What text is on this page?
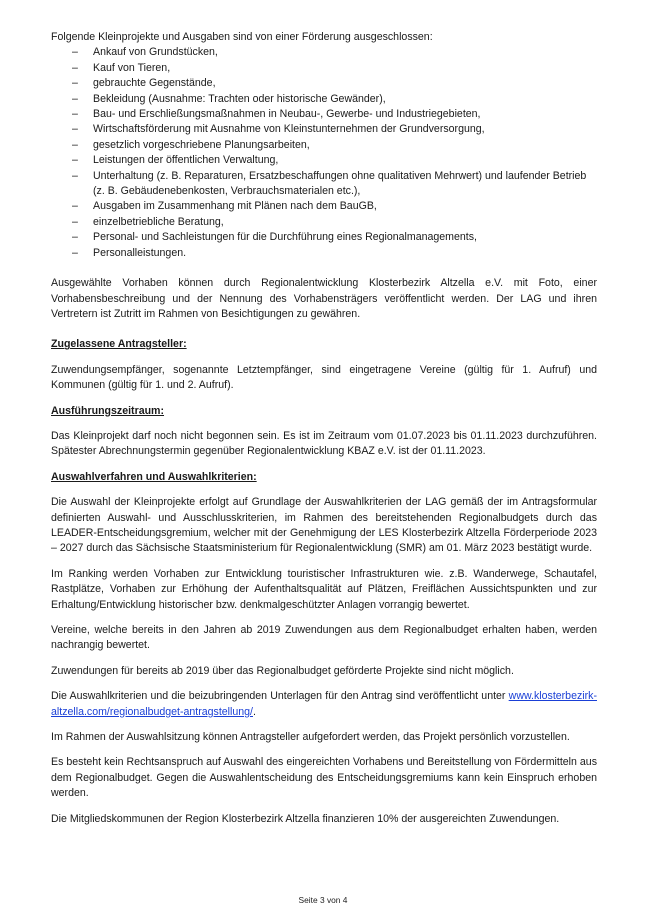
Folgende Kleinprojekte und Ausgaben sind von einer Förderung ausgeschlossen:

– Ankauf von Grundstücken,
– Kauf von Tieren,
– gebrauchte Gegenstände,
– Bekleidung (Ausnahme: Trachten oder historische Gewänder),
– Bau- und Erschließungsmaßnahmen in Neubau-, Gewerbe- und Industriegebieten,
– Wirtschaftsförderung mit Ausnahme von Kleinstunternehmen der Grundversorgung,
– gesetzlich vorgeschriebene Planungsarbeiten,
– Leistungen der öffentlichen Verwaltung,
– Unterhaltung (z. B. Reparaturen, Ersatzbeschaffungen ohne qualitativen Mehrwert) und laufender Betrieb (z. B. Gebäudenebenkosten, Verbrauchsmaterialen etc.),
– Ausgaben im Zusammenhang mit Plänen nach dem BauGB,
– einzelbetriebliche Beratung,
– Personal- und Sachleistungen für die Durchführung eines Regionalmanagements,
– Personalleistungen.

Ausgewählte Vorhaben können durch Regionalentwicklung Klosterbezirk Altzella e.V. mit Foto, einer Vorhabensbeschreibung und der Nennung des Vorhabensträgers veröffentlicht werden. Der LAG und ihren Vertretern ist Zutritt im Rahmen von Besichtigungen zu gewähren.

Zugelassene Antragsteller:

Zuwendungsempfänger, sogenannte Letztempfänger, sind eingetragene Vereine (gültig für 1. Aufruf) und Kommunen (gültig für 1. und 2. Aufruf).

Ausführungszeitraum:

Das Kleinprojekt darf noch nicht begonnen sein. Es ist im Zeitraum vom 01.07.2023 bis 01.11.2023 durchzuführen. Spätester Abrechnungstermin gegenüber Regionalentwicklung KBAZ e.V. ist der 01.11.2023.

Auswahlverfahren und Auswahlkriterien:

Die Auswahl der Kleinprojekte erfolgt auf Grundlage der Auswahlkriterien der LAG gemäß der im Antragsformular definierten Auswahl- und Ausschlusskriterien, im Rahmen des bereitstehenden Regionalbudgets durch das LEADER-Entscheidungsgremium, welcher mit der Genehmigung der LES Klosterbezirk Altzella Förderperiode 2023 – 2027 durch das Sächsische Staatsministerium für Regionalentwicklung (SMR) am 01. März 2023 bestätigt wurde.

Im Ranking werden Vorhaben zur Entwicklung touristischer Infrastrukturen wie. z.B. Wanderwege, Schautafel, Rastplätze, Vorhaben zur Erhöhung der Aufenthaltsqualität auf Plätzen, Freiflächen Aussichtspunkten und zur Erhaltung/Entwicklung historischer bzw. denkmalgeschützter Anlagen vorrangig bewertet.

Vereine, welche bereits in den Jahren ab 2019 Zuwendungen aus dem Regionalbudget erhalten haben, werden nachrangig bewertet.

Zuwendungen für bereits ab 2019 über das Regionalbudget geförderte Projekte sind nicht möglich.

Die Auswahlkriterien und die beizubringenden Unterlagen für den Antrag sind veröffentlicht unter www.klosterbezirk-altzella.com/regionalbudget-antragstellung/.

Im Rahmen der Auswahlsitzung können Antragsteller aufgefordert werden, das Projekt persönlich vorzustellen.

Es besteht kein Rechtsanspruch auf Auswahl des eingereichten Vorhabens und Bereitstellung von Fördermitteln aus dem Regionalbudget. Gegen die Auswahlentscheidung des Entscheidungsgremiums kann kein Einspruch erhoben werden.

Die Mitgliedskommunen der Region Klosterbezirk Altzella finanzieren 10% der ausgereichten Zuwendungen.

Seite 3 von 4
